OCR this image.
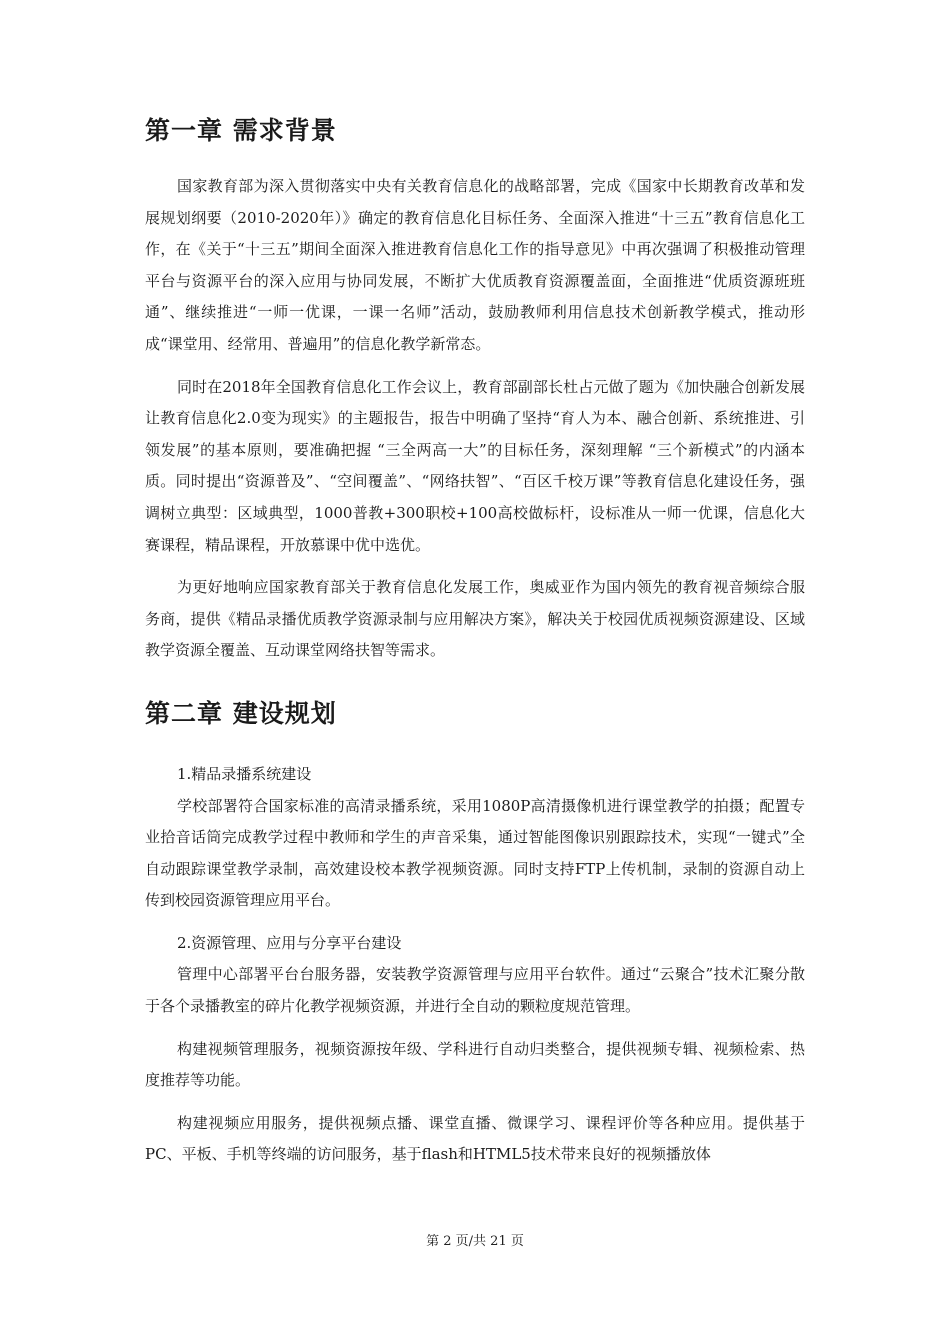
第一章 需求背景

国家教育部为深入贯彻落实中央有关教育信息化的战略部署，完成《国家中长期教育改革和发展规划纲要（2010-2020年）》确定的教育信息化目标任务、全面深入推进“十三五”教育信息化工作，在《关于“十三五”期间全面深入推进教育信息化工作的指导意见》中再次强调了积极推动管理平台与资源平台的深入应用与协同发展，不断扩大优质教育资源覆盖面，全面推进“优质资源班班通”、继续推进“一师一优课，一课一名师”活动，鼓励教师利用信息技术创新教学模式，推动形成“课堂用、经常用、普遍用”的信息化教学新常态。

同时在2018年全国教育信息化工作会议上，教育部副部长杜占元做了题为《加快融合创新发展让教育信息化2.0变为现实》的主题报告，报告中明确了坚持“育人为本、融合创新、系统推进、引领发展”的基本原则，要准确把握 “三全两高一大”的目标任务，深刻理解 “三个新模式”的内涵本质。同时提出“资源普及”、“空间覆盖”、“网络扶智”、“百区千校万课”等教育信息化建设任务，强调树立典型：区域典型，1000普教+300职校+100高校做标杆，设标准从一师一优课，信息化大赛课程，精品课程，开放慕课中优中选优。

为更好地响应国家教育部关于教育信息化发展工作，奥威亚作为国内领先的教育视音频综合服务商，提供《精品录播优质教学资源录制与应用解决方案》，解决关于校园优质视频资源建设、区域教学资源全覆盖、互动课堂网络扶智等需求。

第二章 建设规划

1.精品录播系统建设

学校部署符合国家标准的高清录播系统，采用1080P高清摄像机进行课堂教学的拍摄；配置专业拾音话筒完成教学过程中教师和学生的声音采集，通过智能图像识别跟踪技术，实现“一键式”全自动跟踪课堂教学录制，高效建设校本教学视频资源。同时支持FTP上传机制，录制的资源自动上传到校园资源管理应用平台。

2.资源管理、应用与分享平台建设

管理中心部署平台台服务器，安装教学资源管理与应用平台软件。通过“云聚合”技术汇聚分散于各个录播教室的碎片化教学视频资源，并进行全自动的颗粒度规范管理。

构建视频管理服务，视频资源按年级、学科进行自动归类整合，提供视频专辑、视频检索、热度推荐等功能。

构建视频应用服务，提供视频点播、课堂直播、微课学习、课程评价等各种应用。提供基于PC、平板、手机等终端的访问服务，基于flash和HTML5技术带来良好的视频播放体

第 2 页/共 21 页
